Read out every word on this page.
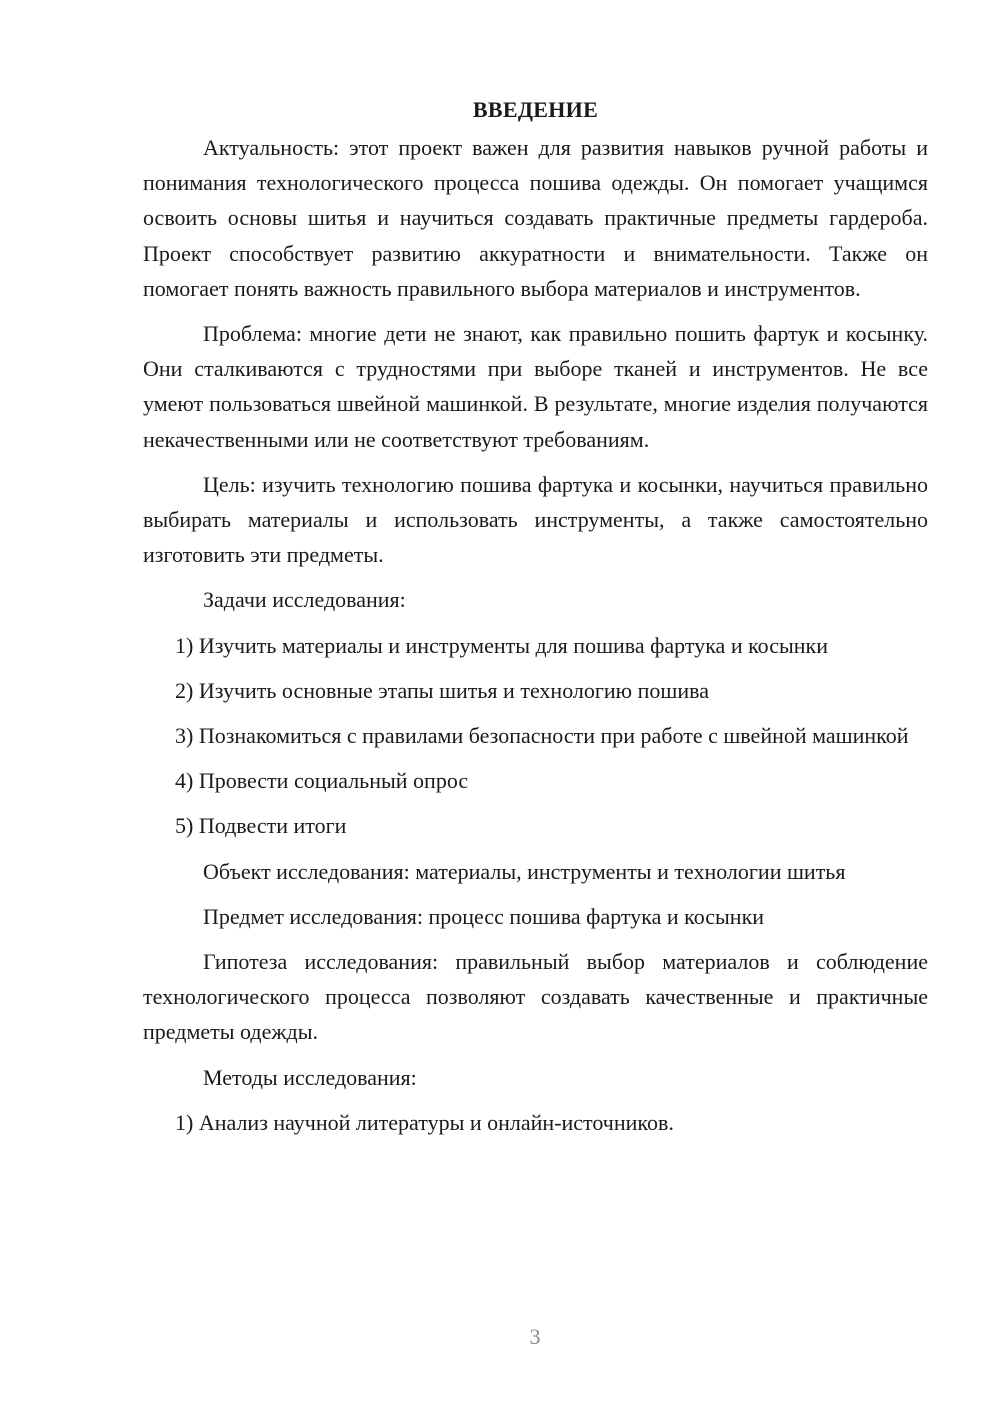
ВВЕДЕНИЕ

Актуальность: этот проект важен для развития навыков ручной работы и понимания технологического процесса пошива одежды. Он помогает учащимся освоить основы шитья и научиться создавать практичные предметы гардероба. Проект способствует развитию аккуратности и внимательности. Также он помогает понять важность правильного выбора материалов и инструментов.

Проблема: многие дети не знают, как правильно пошить фартук и косынку. Они сталкиваются с трудностями при выборе тканей и инструментов. Не все умеют пользоваться швейной машинкой. В результате, многие изделия получаются некачественными или не соответствуют требованиям.

Цель: изучить технологию пошива фартука и косынки, научиться правильно выбирать материалы и использовать инструменты, а также самостоятельно изготовить эти предметы.

Задачи исследования:

1) Изучить материалы и инструменты для пошива фартука и косынки

2) Изучить основные этапы шитья и технологию пошива

3) Познакомиться с правилами безопасности при работе с швейной машинкой

4) Провести социальный опрос

5) Подвести итоги

Объект исследования: материалы, инструменты и технологии шитья

Предмет исследования: процесс пошива фартука и косынки

Гипотеза исследования: правильный выбор материалов и соблюдение технологического процесса позволяют создавать качественные и практичные предметы одежды.

Методы исследования:

1) Анализ научной литературы и онлайн-источников.

3
